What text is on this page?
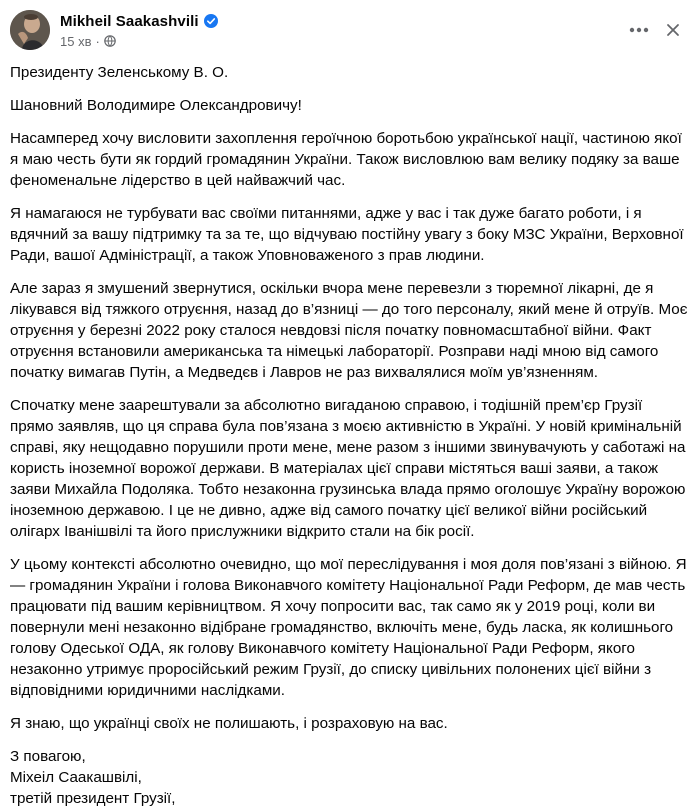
Mikheil Saakashvili
15 хв ·

Президенту Зеленському В. О.

Шановний Володимире Олександровичу!

Насамперед хочу висловити захоплення героїчною боротьбою української нації, частиною якої я маю честь бути як гордий громадянин України. Також висловлюю вам велику подяку за ваше феноменальне лідерство в цей найважчий час.

Я намагаюся не турбувати вас своїми питаннями, адже у вас і так дуже багато роботи, і я вдячний за вашу підтримку та за те, що відчуваю постійну увагу з боку МЗС України, Верховної Ради, вашої Адміністрації, а також Уповноваженого з прав людини.

Але зараз я змушений звернутися, оскільки вчора мене перевезли з тюремної лікарні, де я лікувався від тяжкого отруєння, назад до в’язниці — до того персоналу, який мене й отруїв. Моє отруєння у березні 2022 року сталося невдовзі після початку повномасштабної війни. Факт отруєння встановили американська та німецькі лабораторії. Розправи наді мною від самого початку вимагав Путін, а Медведєв і Лавров не раз вихвалялися моїм ув’язненням.

Спочатку мене заарештували за абсолютно вигаданою справою, і тодішній прем’єр Грузії прямо заявляв, що ця справа була пов’язана з моєю активністю в Україні. У новій кримінальній справі, яку нещодавно порушили проти мене, мене разом з іншими звинувачують у саботажі на користь іноземної ворожої держави. В матеріалах цієї справи містяться ваші заяви, а також заяви Михайла Подоляка. Тобто незаконна грузинська влада прямо оголошує Україну ворожою іноземною державою. І це не дивно, адже від самого початку цієї великої війни російський олігарх Іванішвілі та його прислужники відкрито стали на бік росії.

У цьому контексті абсолютно очевидно, що мої переслідування і моя доля пов’язані з війною. Я — громадянин України і голова Виконавчого комітету Національної Ради Реформ, де мав честь працювати під вашим керівництвом. Я хочу попросити вас, так само як у 2019 році, коли ви повернули мені незаконно відібране громадянство, включіть мене, будь ласка, як колишнього голову Одеської ОДА, як голову Виконавчого комітету Національної Ради Реформ, якого незаконно утримує проросійський режим Грузії, до списку цивільних полонених цієї війни з відповідними юридичними наслідками.

Я знаю, що українці своїх не полишають, і розраховую на вас.

З повагою,
Міхеіл Саакашвілі,
третій президент Грузії,
